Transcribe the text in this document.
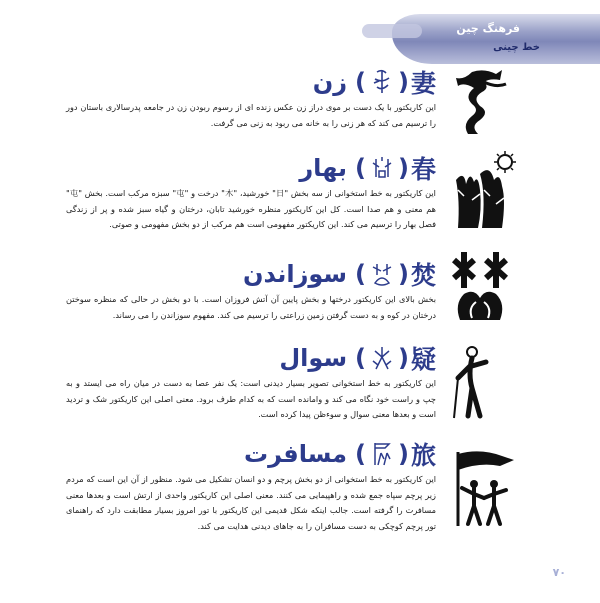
فرهنگ چین
خط چینی
妻
(
)
زن
این کاریکتور با یک دست بر موی دراز زن عکس زنده ای از رسوم ربودن زن در جامعه پدرسالاری باستان دور را ترسیم می کند که هر زنی را به خانه می ربود به زنی می گرفت.
春
(
)
بهار
این کاریکتور به خط استخوانی از سه بخش "日" خورشید، "木" درخت و "屯" سبزه مرکب است. بخش "屯" هم معنی و هم صدا است. کل این کاریکتور منظره خورشید تابان، درختان و گیاه سبز شده و پر از زندگی فصل بهار را ترسیم می کند. این کاریکتور مفهومی است هم مرکب از دو بخش مفهومی و صوتی.
焚
(
)
سوزاندن
بخش بالای این کاریکتور درختها و بخش پایین آن آتش فروزان است. با دو بخش در حالی که منظره سوختن درختان در کوه و به دست گرفتن زمین زراعتی را ترسیم می کند. مفهوم سوزاندن را می رساند.
疑
(
)
سوال
این کاریکتور به خط استخوانی تصویر بسیار دیدنی است: یک نفر عصا به دست در میان راه می ایستد و به چپ و راست خود نگاه می کند و وامانده است که به کدام طرف برود. معنی اصلی این کاریکتور شک و تردید است و بعدها معنی سوال و سوءظن پیدا کرده است.
旅
(
)
مسافرت
این کاریکتور به خط استخوانی از دو بخش پرچم و دو انسان تشکیل می شود. منظور از آن این است که مردم زیر پرچم سپاه جمع شده و راهپیمایی می کنند. معنی اصلی این کاریکتور واحدی از ارتش است و بعدها معنی مسافرت را گرفته است. جالب اینکه شکل قدیمی این کاریکتور با تور امروز بسیار مطابقت دارد که راهنمای تور پرچم کوچکی به دست مسافران را به جاهای دیدنی هدایت می کند.
٧٠
